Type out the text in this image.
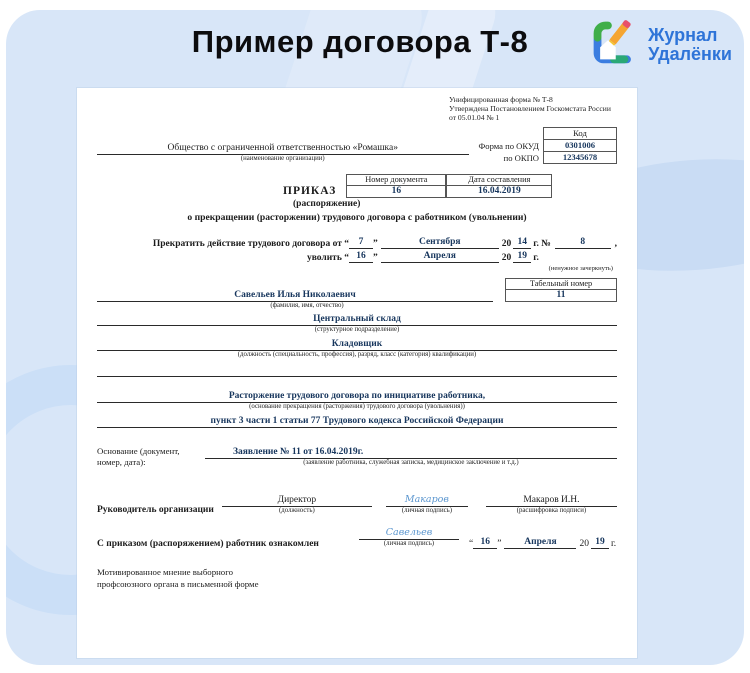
Пример договора Т-8	Журнал
Удалёнки
Унифицированная форма № Т-8
Утверждена Постановлением Госкомстата России
от 05.01.04 № 1
Общество с ограниченной ответственностью «Ромашка»
(наименование организации)
Код
Форма по ОКУД	0301006
по ОКПО	12345678
ПРИКАЗ
Номер документа	Дата составления
16	16.04.2019
(распоряжение)
о прекращении (расторжении) трудового договора с работником (увольнении)
Прекратить действие трудового договора от “	7	”	Сентября	20 14 г. №	8	,
уволить “ 16 ”	Апреля	20 19 г.
(ненужное зачеркнуть)
Савельев Илья Николаевич
Табельный номер
11
(фамилия, имя, отчество)
Центральный склад
(структурное подразделение)
Кладовщик
(должность (специальность, профессия), разряд, класс (категория) квалификации)
Расторжение трудового договора по инициативе работника,
(основание прекращения (расторжения) трудового договора (увольнения))
пункт 3 части 1 статьи 77 Трудового кодекса Российской Федерации
Основание (документ,
номер, дата):
Заявление № 11 от 16.04.2019г.
(заявление работника, служебная записка, медицинское заключение и т.д.)
Руководитель организации
Директор
(должность)
Макаров
(личная подпись)
Макаров И.Н.
(расшифровка подписи)
С приказом (распоряжением) работник ознакомлен
Савельев
(личная подпись)	“ 16 ”	Апреля	20 19 г.
Мотивированное мнение выборного
профсоюзного органа в письменной форме
